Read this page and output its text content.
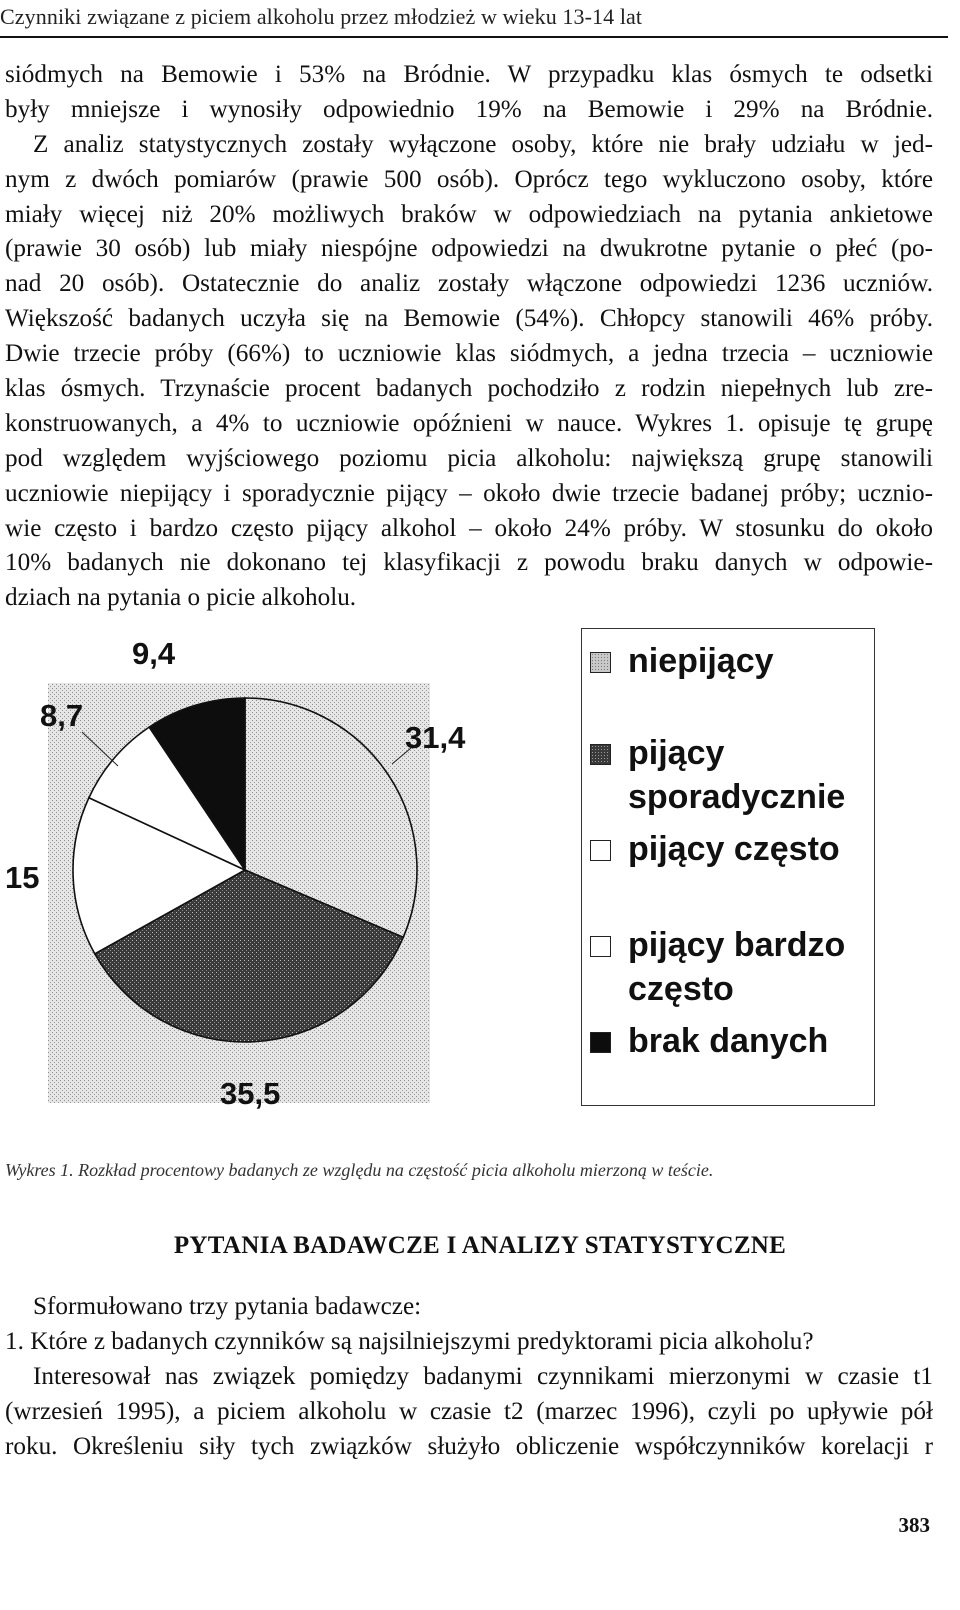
Czynniki związane z piciem alkoholu przez młodzież w wieku 13-14 lat
siódmych na Bemowie i 53% na Bródnie. W przypadku klas ósmych te odsetki
były mniejsze i wynosiły odpowiednio 19% na Bemowie i 29% na Bródnie.
Z analiz statystycznych zostały wyłączone osoby, które nie brały udziału w jed-
nym z dwóch pomiarów (prawie 500 osób). Oprócz tego wykluczono osoby, które
miały więcej niż 20% możliwych braków w odpowiedziach na pytania ankietowe
(prawie 30 osób) lub miały niespójne odpowiedzi na dwukrotne pytanie o płeć (po-
nad 20 osób). Ostatecznie do analiz zostały włączone odpowiedzi 1236 uczniów.
Większość badanych uczyła się na Bemowie (54%). Chłopcy stanowili 46% próby.
Dwie trzecie próby (66%) to uczniowie klas siódmych, a jedna trzecia – uczniowie
klas ósmych. Trzynaście procent badanych pochodziło z rodzin niepełnych lub zre-
konstruowanych, a 4% to uczniowie opóźnieni w nauce. Wykres 1. opisuje tę grupę
pod względem wyjściowego poziomu picia alkoholu: największą grupę stanowili
uczniowie niepijący i sporadycznie pijący – około dwie trzecie badanej próby; ucznio-
wie często i bardzo często pijący alkohol – około 24% próby. W stosunku do około
10% badanych nie dokonano tej klasyfikacji z powodu braku danych w odpowie-
dziach na pytania o picie alkoholu.
31,4
35,5
15
8,7
9,4	niepijący
pijący
sporadycznie
pijący często
pijący bardzo
często
brak danych
Wykres 1. Rozkład procentowy badanych ze względu na częstość picia alkoholu mierzoną w teście.
PYTANIA BADAWCZE I ANALIZY STATYSTYCZNE
Sformułowano trzy pytania badawcze:
1. Które z badanych czynników są najsilniejszymi predyktorami picia alkoholu?
Interesował nas związek pomiędzy badanymi czynnikami mierzonymi w czasie t1
(wrzesień 1995), a piciem alkoholu w czasie t2 (marzec 1996), czyli po upływie pół
roku. Określeniu siły tych związków służyło obliczenie współczynników korelacji r
383
